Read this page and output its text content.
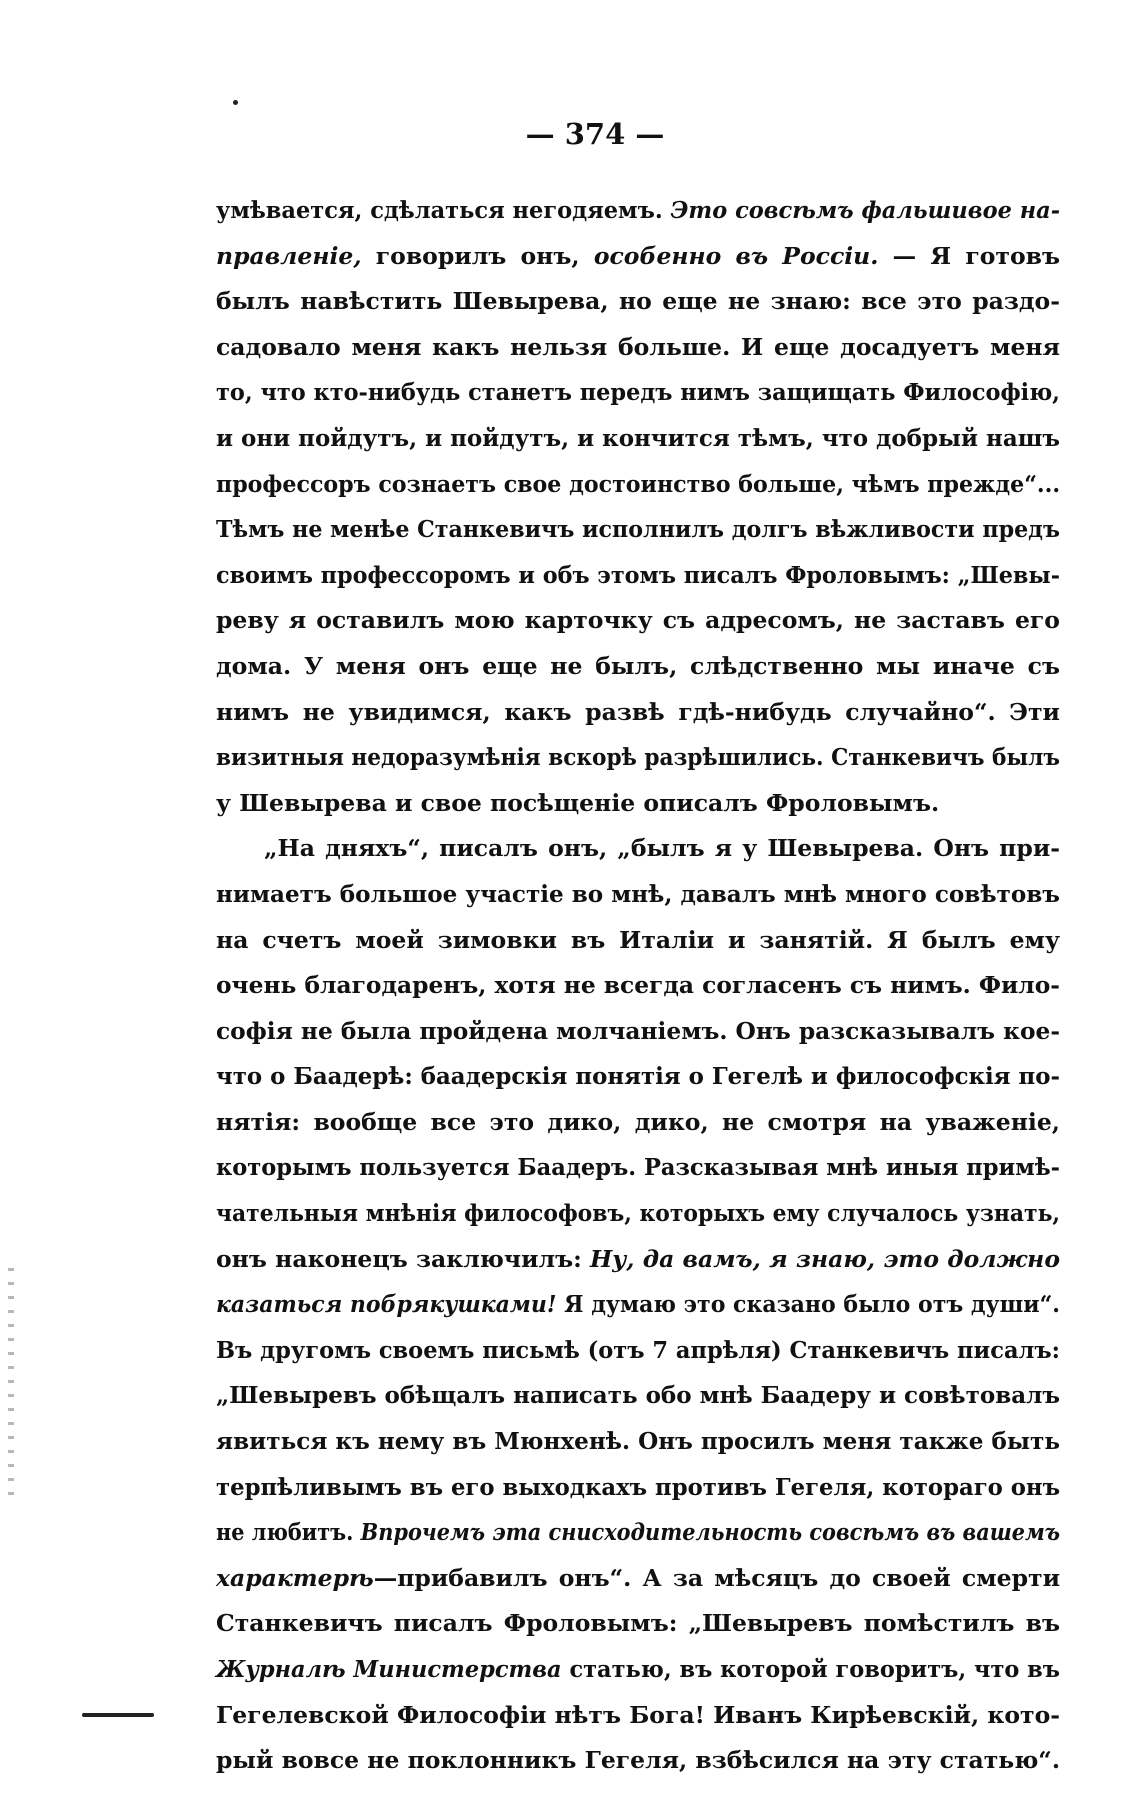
— 374 —
умѣвается, сдѣлаться негодяемъ. Это совсѣмъ фальшивое на-
правленіе, говорилъ онъ, особенно въ Россіи. — Я готовъ
былъ навѣстить Шевырева, но еще не знаю: все это раздо-
садовало меня какъ нельзя больше. И еще досадуетъ меня
то, что кто-нибудь станетъ передъ нимъ защищать Философію,
и они пойдутъ, и пойдутъ, и кончится тѣмъ, что добрый нашъ
профессоръ сознаетъ свое достоинство больше, чѣмъ прежде“...
Тѣмъ не менѣе Станкевичъ исполнилъ долгъ вѣжливости предъ
своимъ профессоромъ и объ этомъ писалъ Фроловымъ: „Шевы-
реву я оставилъ мою карточку съ адресомъ, не заставъ его
дома. У меня онъ еще не былъ, слѣдственно мы иначе съ
нимъ не увидимся, какъ развѣ гдѣ-нибудь случайно“. Эти
визитныя недоразумѣнія вскорѣ разрѣшились. Станкевичъ былъ
у Шевырева и свое посѣщеніе описалъ Фроловымъ.
„На дняхъ“, писалъ онъ, „былъ я у Шевырева. Онъ при-
нимаетъ большое участіе во мнѣ, давалъ мнѣ много совѣтовъ
на счетъ моей зимовки въ Италіи и занятій. Я былъ ему
очень благодаренъ, хотя не всегда согласенъ съ нимъ. Фило-
софія не была пройдена молчаніемъ. Онъ разсказывалъ кое-
что о Баадерѣ: баадерскія понятія о Гегелѣ и философскія по-
нятія: вообще все это дико, дико, не смотря на уваженіе,
которымъ пользуется Баадеръ. Разсказывая мнѣ иныя примѣ-
чательныя мнѣнія философовъ, которыхъ ему случалось узнать,
онъ наконецъ заключилъ: Ну, да вамъ, я знаю, это должно
казаться побрякушками! Я думаю это сказано было отъ души“.
Въ другомъ своемъ письмѣ (отъ 7 апрѣля) Станкевичъ писалъ:
„Шевыревъ обѣщалъ написать обо мнѣ Баадеру и совѣтовалъ
явиться къ нему въ Мюнхенѣ. Онъ просилъ меня также быть
терпѣливымъ въ его выходкахъ противъ Гегеля, котораго онъ
не любитъ. Впрочемъ эта снисходительность совсѣмъ въ вашемъ
характерѣ—прибавилъ онъ“. А за мѣсяцъ до своей смерти
Станкевичъ писалъ Фроловымъ: „Шевыревъ помѣстилъ въ
Журналѣ Министерства статью, въ которой говоритъ, что въ
Гегелевской Философіи нѣтъ Бога! Иванъ Кирѣевскій, кото-
рый вовсе не поклонникъ Гегеля, взбѣсился на эту статью“.
